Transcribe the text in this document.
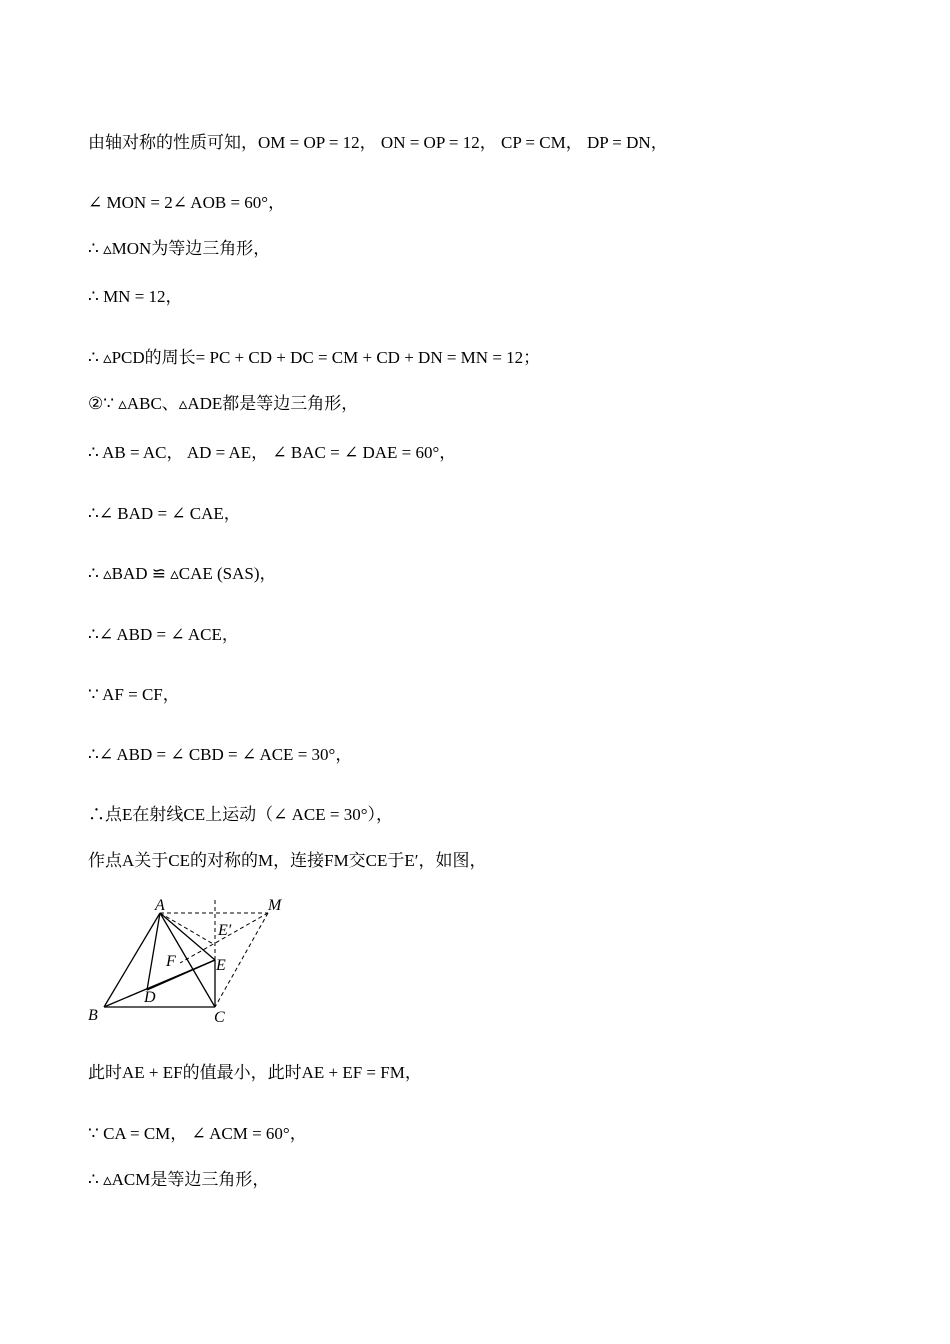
由轴对称的性质可知，OM = OP = 12， ON = OP = 12， CP = CM， DP = DN，
∠ MON = 2∠ AOB = 60°，
∴ ▵MON为等边三角形，
∴ MN = 12，
∴ ▵PCD的周长= PC + CD + DC = CM + CD + DN = MN = 12；
②∵ ▵ABC、▵ADE都是等边三角形，
∴ AB = AC， AD = AE， ∠ BAC = ∠ DAE = 60°，
∴∠ BAD = ∠ CAE，
∴ ▵BAD ≌ ▵CAE (SAS)，
∴∠ ABD = ∠ ACE，
∵ AF = CF，
∴∠ ABD = ∠ CBD = ∠ ACE = 30°，
∴点E在射线CE上运动（∠ ACE = 30°），
作点A关于CE的对称的M，连接FM交CE于E′，如图，
A	M
E′
F	E
D
B	C
此时AE + EF的值最小，此时AE + EF = FM，
∵ CA = CM， ∠ ACM = 60°，
∴ ▵ACM是等边三角形，
